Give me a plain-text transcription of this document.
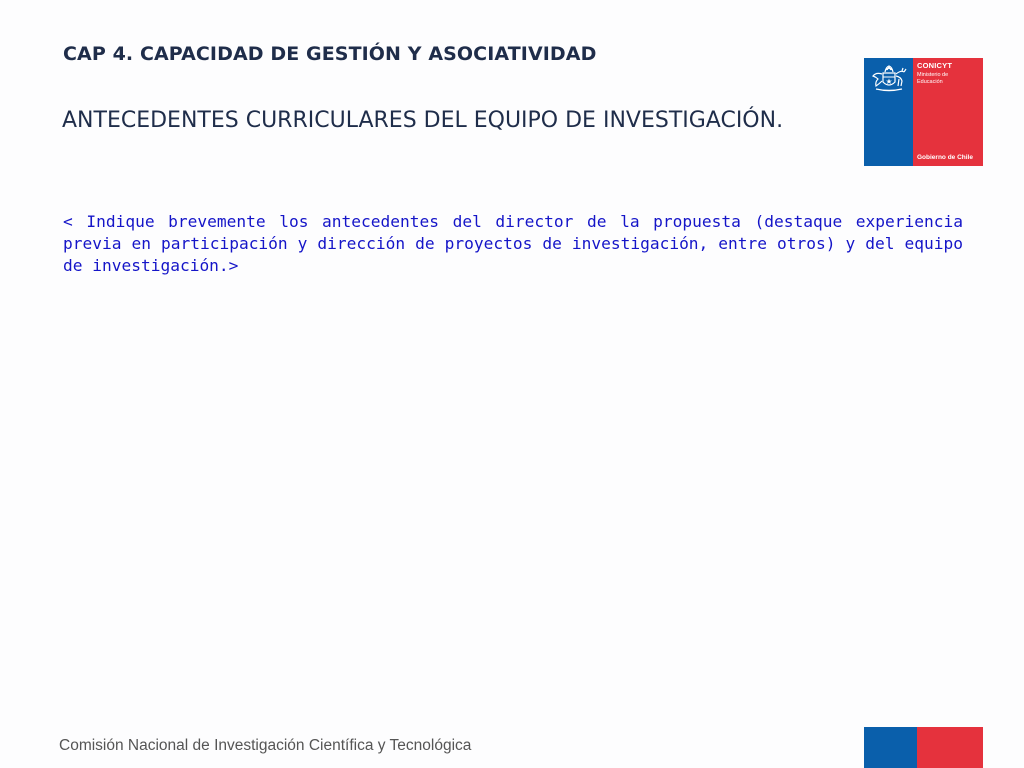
CAP 4. CAPACIDAD DE GESTIÓN Y ASOCIATIVIDAD
ANTECEDENTES CURRICULARES DEL EQUIPO DE INVESTIGACIÓN.
< Indique brevemente los antecedentes del director de la propuesta (destaque experiencia previa en participación y dirección de proyectos de investigación, entre otros) y del equipo de investigación.>
CONICYT
Ministerio de
Educación
Gobierno de Chile
Comisión Nacional de Investigación Científica y Tecnológica
